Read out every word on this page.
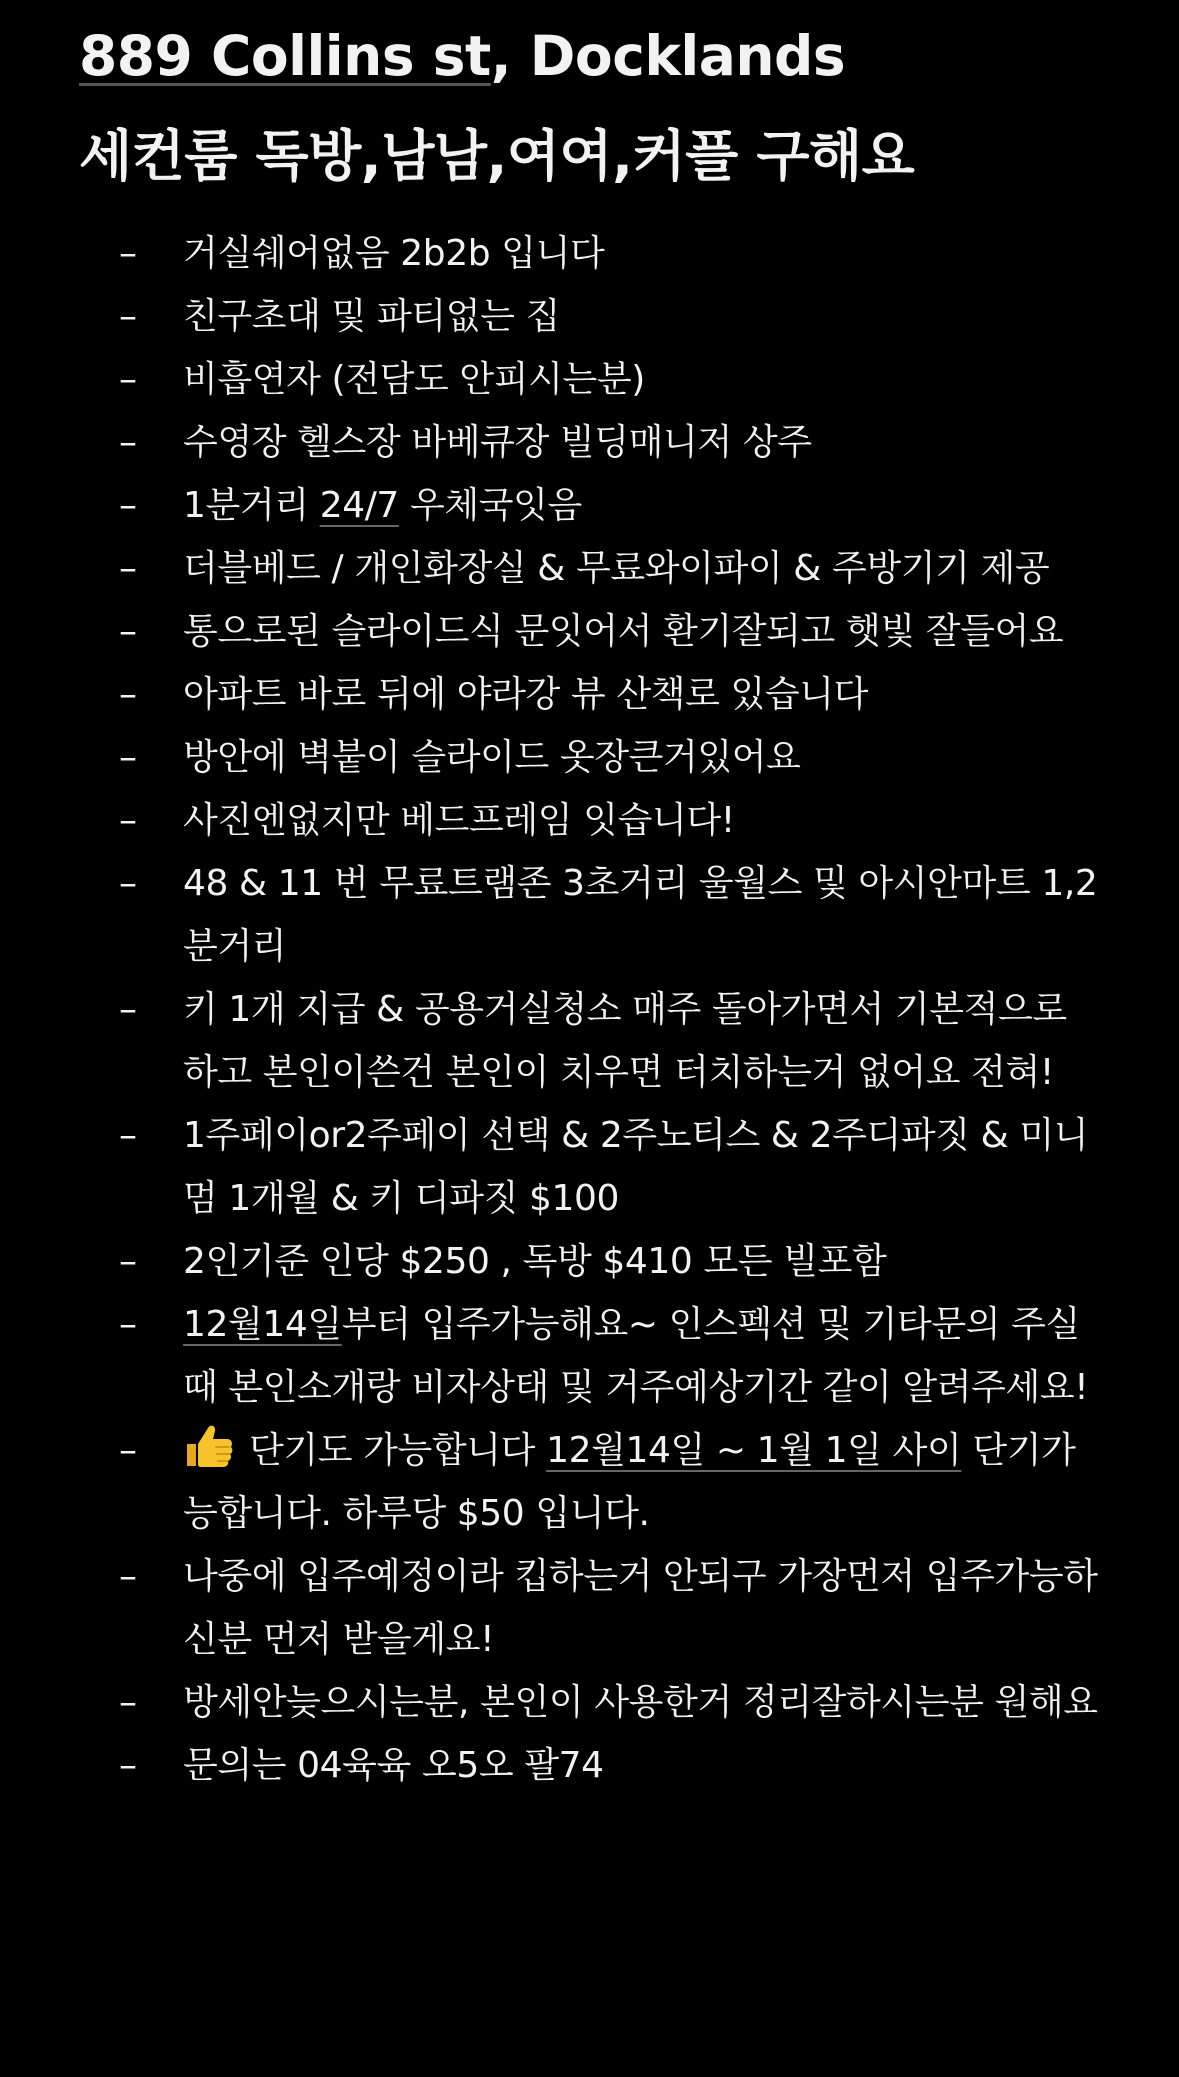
889 Collins st, Docklands
세컨룸 독방,남남,여여,커플 구해요
–	거실쉐어없음 2b2b 입니다
–	친구초대 및 파티없는 집
–	비흡연자 (전담도 안피시는분)
–	수영장 헬스장 바베큐장 빌딩매니저 상주
–	1분거리 24/7 우체국잇음
–	더블베드 / 개인화장실 & 무료와이파이 & 주방기기 제공
–	통으로된 슬라이드식 문잇어서 환기잘되고 햇빛 잘들어요
–	아파트 바로 뒤에 야라강 뷰 산책로 있습니다
–	방안에 벽붙이 슬라이드 옷장큰거있어요
–	사진엔없지만 베드프레임 잇습니다!
–	48 & 11 번 무료트램존 3초거리 울월스 및 아시안마트 1,2분거리
–	키 1개 지급 & 공용거실청소 매주 돌아가면서 기본적으로하고 본인이쓴건 본인이 치우면 터치하는거 없어요 전혀!
–	1주페이or2주페이 선택 & 2주노티스 & 2주디파짓 & 미니멈 1개월 & 키 디파짓 $100
–	2인기준 인당 $250 , 독방 $410 모든 빌포함
–	12월14일부터 입주가능해요~ 인스펙션 및 기타문의 주실때 본인소개랑 비자상태 및 거주예상기간 같이 알려주세요!
–	단기도 가능합니다 12월14일 ~ 1월 1일 사이 단기가능합니다. 하루당 $50 입니다.
–	나중에 입주예정이라 킵하는거 안되구 가장먼저 입주가능하신분 먼저 받을게요!
–	방세안늦으시는분, 본인이 사용한거 정리잘하시는분 원해요
–	문의는 04육육 오5오 팔74
